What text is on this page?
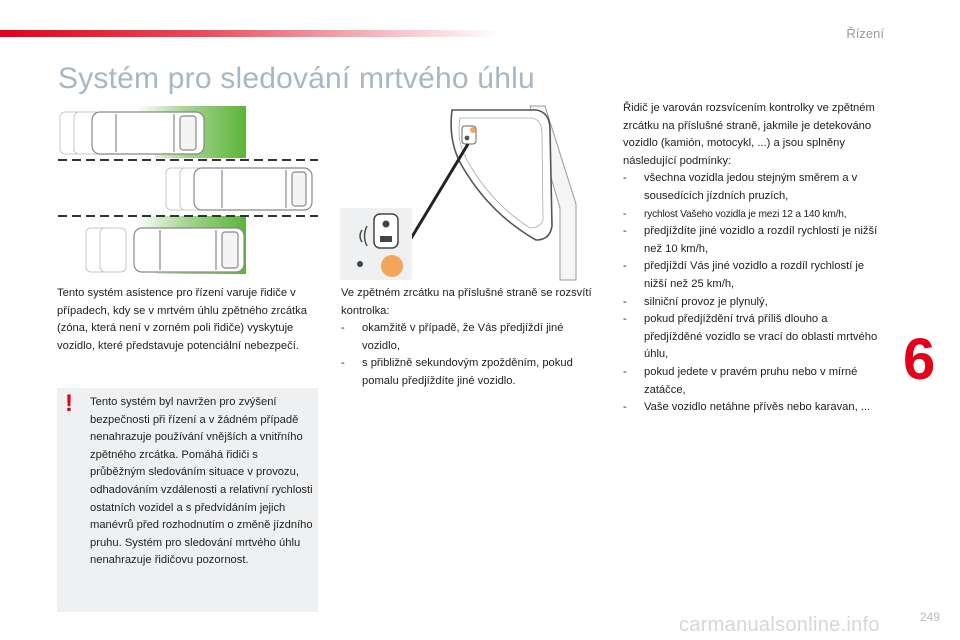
Řízení
Systém pro sledování mrtvého úhlu

Tento systém asistence pro řízení varuje řidiče v případech, kdy se v mrtvém úhlu zpětného zrcátka (zóna, která není v zorném poli řidiče) vyskytuje vozidlo, které představuje potenciální nebezpečí.

! Tento systém byl navržen pro zvýšení bezpečnosti při řízení a v žádném případě nenahrazuje používání vnějších a vnitřního zpětného zrcátka. Pomáhá řidiči s průběžným sledováním situace v provozu, odhadováním vzdálenosti a relativní rychlosti ostatních vozidel a s předvídáním jejich manévrů před rozhodnutím o změně jízdního pruhu. Systém pro sledování mrtvého úhlu nenahrazuje řidičovu pozornost.

Ve zpětném zrcátku na příslušné straně se rozsvítí kontrolka:
- okamžitě v případě, že Vás předjíždí jiné vozidlo,
- s přibližně sekundovým zpožděním, pokud pomalu předjíždíte jiné vozidlo.
Řidič je varován rozsvícením kontrolky ve zpětném zrcátku na příslušné straně, jakmile je detekováno vozidlo (kamión, motocykl, ...) a jsou splněny následující podmínky:
- všechna vozidla jedou stejným směrem a v sousedících jízdních pruzích,
- rychlost Vašeho vozidla je mezi 12 a 140 km/h,
- předjíždíte jiné vozidlo a rozdíl rychlostí je nižší než 10 km/h,
- předjíždí Vás jiné vozidlo a rozdíl rychlostí je nižší než 25 km/h,
- silniční provoz je plynulý,
- pokud předjíždění trvá příliš dlouho a předjížděné vozidlo se vrací do oblasti mrtvého úhlu,
- pokud jedete v pravém pruhu nebo v mírné zatáčce,
- Vaše vozidlo netáhne přívěs nebo karavan, ...
6
carmanualsonline.info	249
